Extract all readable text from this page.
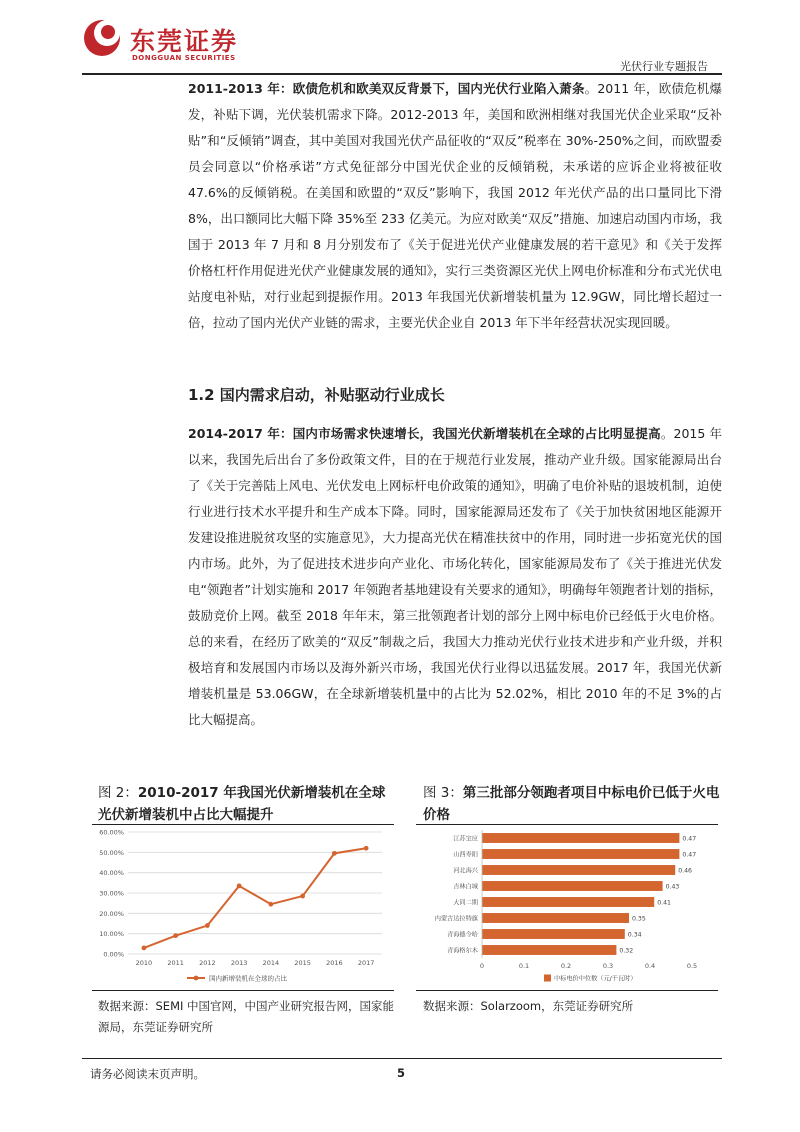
东莞证券
DONGGUAN SECURITIES
光伏行业专题报告

2011-2013 年：欧债危机和欧美双反背景下，国内光伏行业陷入萧条。2011 年，欧债危机爆发，补贴下调，光伏装机需求下降。2012-2013 年，美国和欧洲相继对我国光伏企业采取“反补贴”和“反倾销”调查，其中美国对我国光伏产品征收的“双反”税率在 30%-250%之间，而欧盟委员会同意以“价格承诺”方式免征部分中国光伏企业的反倾销税，未承诺的应诉企业将被征收 47.6%的反倾销税。在美国和欧盟的“双反”影响下，我国 2012 年光伏产品的出口量同比下滑 8%，出口额同比大幅下降 35%至 233 亿美元。为应对欧美“双反”措施、加速启动国内市场，我国于 2013 年 7 月和 8 月分别发布了《关于促进光伏产业健康发展的若干意见》和《关于发挥价格杠杆作用促进光伏产业健康发展的通知》，实行三类资源区光伏上网电价标准和分布式光伏电站度电补贴，对行业起到提振作用。2013 年我国光伏新增装机量为 12.9GW，同比增长超过一倍，拉动了国内光伏产业链的需求，主要光伏企业自 2013 年下半年经营状况实现回暖。

1.2 国内需求启动，补贴驱动行业成长

2014-2017 年：国内市场需求快速增长，我国光伏新增装机在全球的占比明显提高。2015 年以来，我国先后出台了多份政策文件，目的在于规范行业发展，推动产业升级。国家能源局出台了《关于完善陆上风电、光伏发电上网标杆电价政策的通知》，明确了电价补贴的退坡机制，迫使行业进行技术水平提升和生产成本下降。同时，国家能源局还发布了《关于加快贫困地区能源开发建设推进脱贫攻坚的实施意见》，大力提高光伏在精准扶贫中的作用，同时进一步拓宽光伏的国内市场。此外，为了促进技术进步向产业化、市场化转化，国家能源局发布了《关于推进光伏发电“领跑者”计划实施和 2017 年领跑者基地建设有关要求的通知》，明确每年领跑者计划的指标，鼓励竞价上网。截至 2018 年年末，第三批领跑者计划的部分上网中标电价已经低于火电价格。总的来看，在经历了欧美的“双反”制裁之后，我国大力推动光伏行业技术进步和产业升级，并积极培育和发展国内市场以及海外新兴市场，我国光伏行业得以迅猛发展。2017 年，我国光伏新增装机量是 53.06GW，在全球新增装机量中的占比为 52.02%，相比 2010 年的不足 3%的占比大幅提高。

图 2：2010-2017 年我国光伏新增装机在全球光伏新增装机中占比大幅提升
0.00%
10.00%
20.00%
30.00%
40.00%
50.00%
60.00%
2010 2011 2012 2013 2014 2015 2016 2017
国内新增装机在全球的占比
数据来源：SEMI 中国官网，中国产业研究报告网，国家能源局，东莞证券研究所
图 3：第三批部分领跑者项目中标电价已低于火电价格
江苏宝应	0.47
山西寿阳	0.47
河北海兴	0.46
吉林白城	0.43
大同二期	0.41
内蒙古达拉特旗	0.35
青海德令哈	0.34
青海格尔木	0.32
0	0.1	0.2	0.3	0.4	0.5
中标电价中位数（元/千瓦时）
数据来源：Solarzoom，东莞证券研究所
请务必阅读末页声明。	5
